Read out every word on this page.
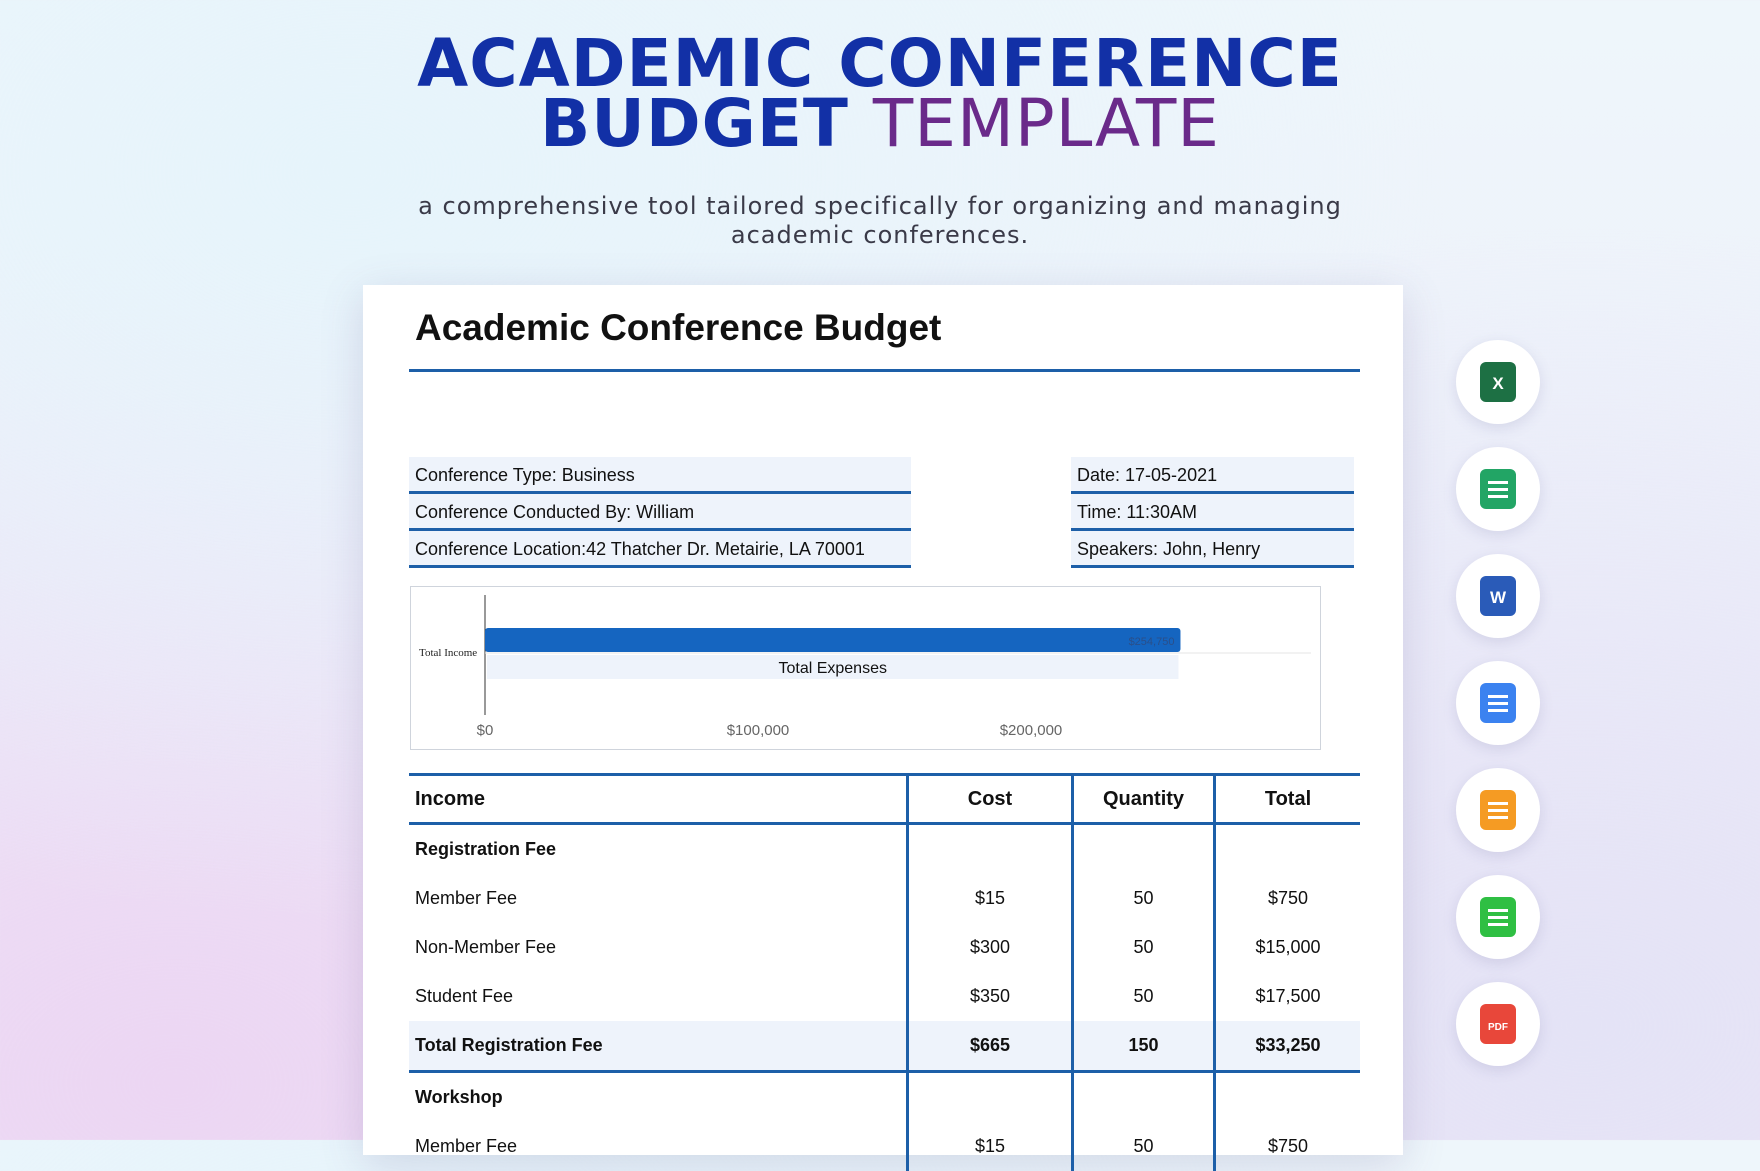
ACADEMIC CONFERENCE
BUDGET TEMPLATE

a comprehensive tool tailored specifically for organizing and managing academic conferences.

Academic Conference Budget
Conference Type: Business
Conference Conducted By: William
Conference Location:42 Thatcher Dr. Metairie, LA 70001
Date: 17-05-2021
Time: 11:30AM
Speakers: John, Henry
$254,750
Total Expenses
Total Income
$0	$100,000	$200,000
Income	Cost	Quantity	Total
Registration Fee			
Member Fee	$15	50	$750
Non-Member Fee	$300	50	$15,000
Student Fee	$350	50	$17,500
Total Registration Fee	$665	150	$33,250
Workshop			
Member Fee	$15	50	$750
X
W
PDF
